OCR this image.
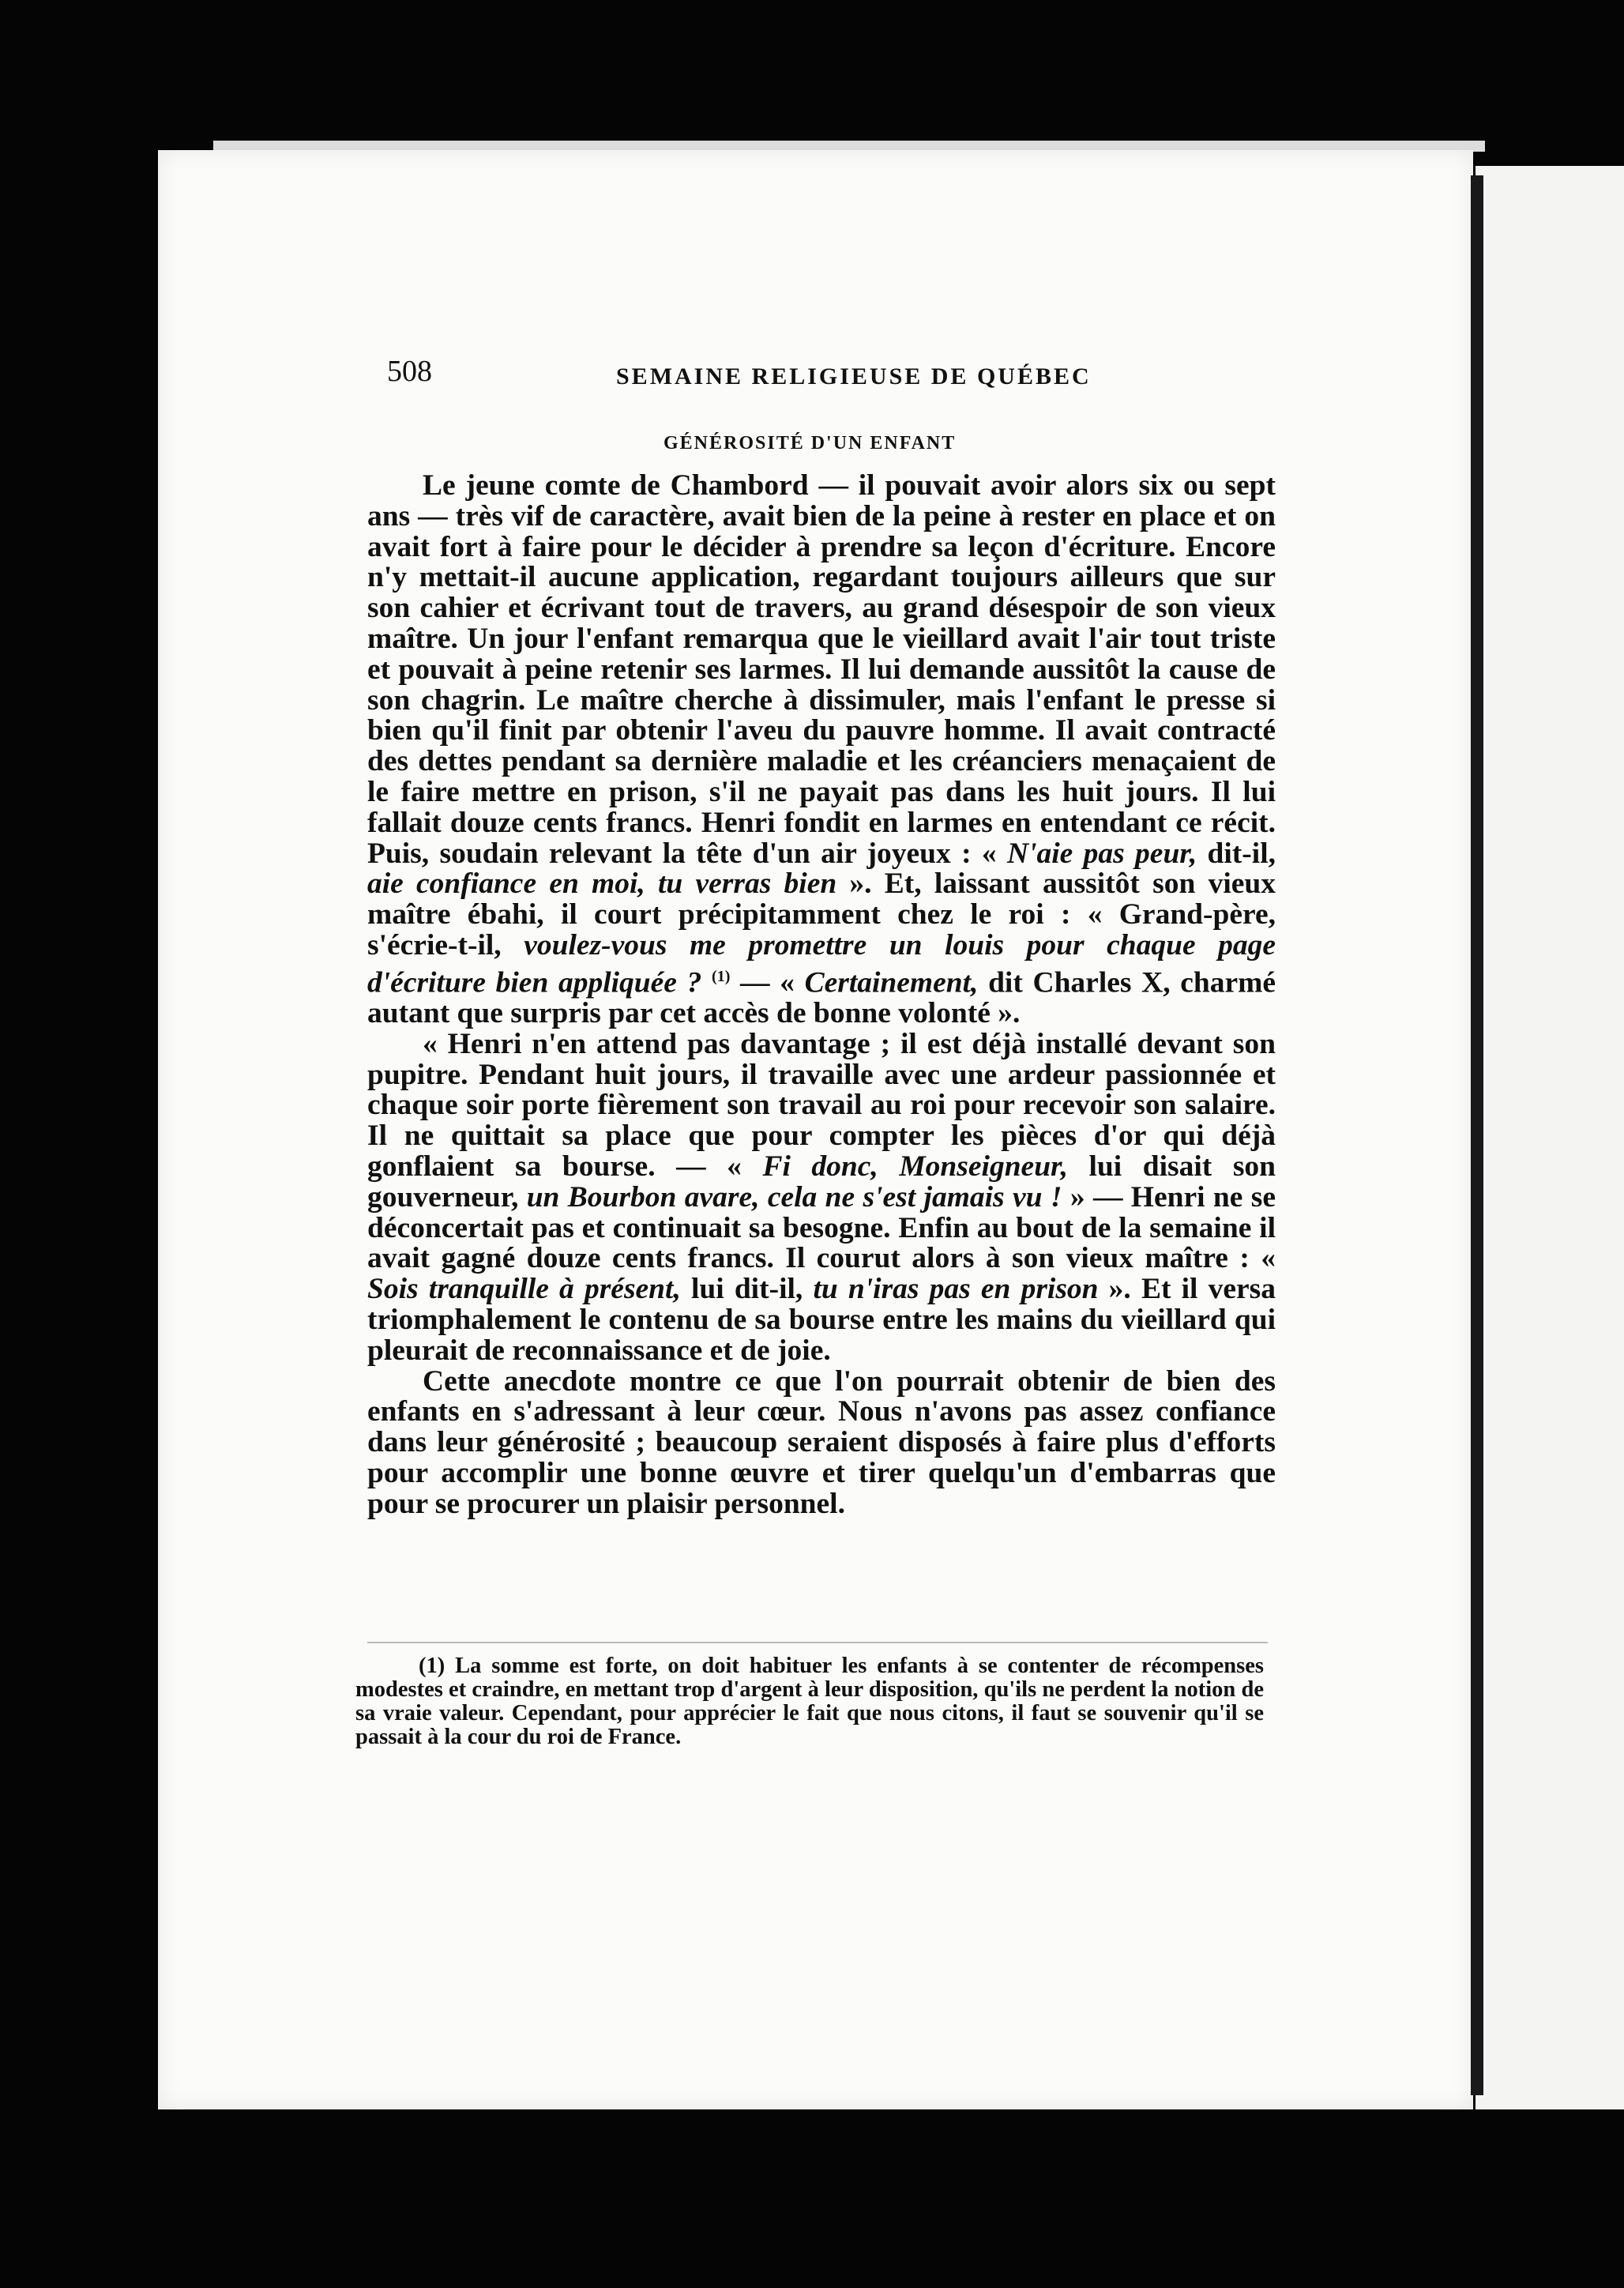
508	SEMAINE RELIGIEUSE DE QUÉBEC
GÉNÉROSITÉ D'UN ENFANT

Le jeune comte de Chambord — il pouvait avoir alors six ou sept ans — très vif de caractère, avait bien de la peine à rester en place et on avait fort à faire pour le décider à prendre sa leçon d'écriture. Encore n'y mettait-il aucune application, regardant toujours ailleurs que sur son cahier et écrivant tout de travers, au grand désespoir de son vieux maître. Un jour l'enfant remarqua que le vieillard avait l'air tout triste et pouvait à peine retenir ses larmes. Il lui demande aussitôt la cause de son chagrin. Le maître cherche à dissimuler, mais l'enfant le presse si bien qu'il finit par obtenir l'aveu du pauvre homme. Il avait contracté des dettes pendant sa dernière maladie et les créanciers menaçaient de le faire mettre en prison, s'il ne payait pas dans les huit jours. Il lui fallait douze cents francs. Henri fondit en larmes en entendant ce récit. Puis, soudain relevant la tête d'un air joyeux : « N'aie pas peur, dit-il, aie confiance en moi, tu verras bien ». Et, laissant aussitôt son vieux maître ébahi, il court précipitamment chez le roi : « Grand-père, s'écrie-t-il, voulez-vous me promettre un louis pour chaque page d'écriture bien appliquée ? $^{(1)}$ — « Certainement, dit Charles X, charmé autant que surpris par cet accès de bonne volonté ».

« Henri n'en attend pas davantage ; il est déjà installé devant son pupitre. Pendant huit jours, il travaille avec une ardeur passionnée et chaque soir porte fièrement son travail au roi pour recevoir son salaire. Il ne quittait sa place que pour compter les pièces d'or qui déjà gonflaient sa bourse. — « Fi donc, Monseigneur, lui disait son gouverneur, un Bourbon avare, cela ne s'est jamais vu ! » — Henri ne se déconcertait pas et continuait sa besogne. Enfin au bout de la semaine il avait gagné douze cents francs. Il courut alors à son vieux maître : « Sois tranquille à présent, lui dit-il, tu n'iras pas en prison ». Et il versa triomphalement le contenu de sa bourse entre les mains du vieillard qui pleurait de reconnaissance et de joie.

Cette anecdote montre ce que l'on pourrait obtenir de bien des enfants en s'adressant à leur cœur. Nous n'avons pas assez confiance dans leur générosité ; beaucoup seraient disposés à faire plus d'efforts pour accomplir une bonne œuvre et tirer quelqu'un d'embarras que pour se procurer un plaisir personnel.

(1) La somme est forte, on doit habituer les enfants à se contenter de récompenses modestes et craindre, en mettant trop d'argent à leur disposition, qu'ils ne perdent la notion de sa vraie valeur. Cependant, pour apprécier le fait que nous citons, il faut se souvenir qu'il se passait à la cour du roi de France.
